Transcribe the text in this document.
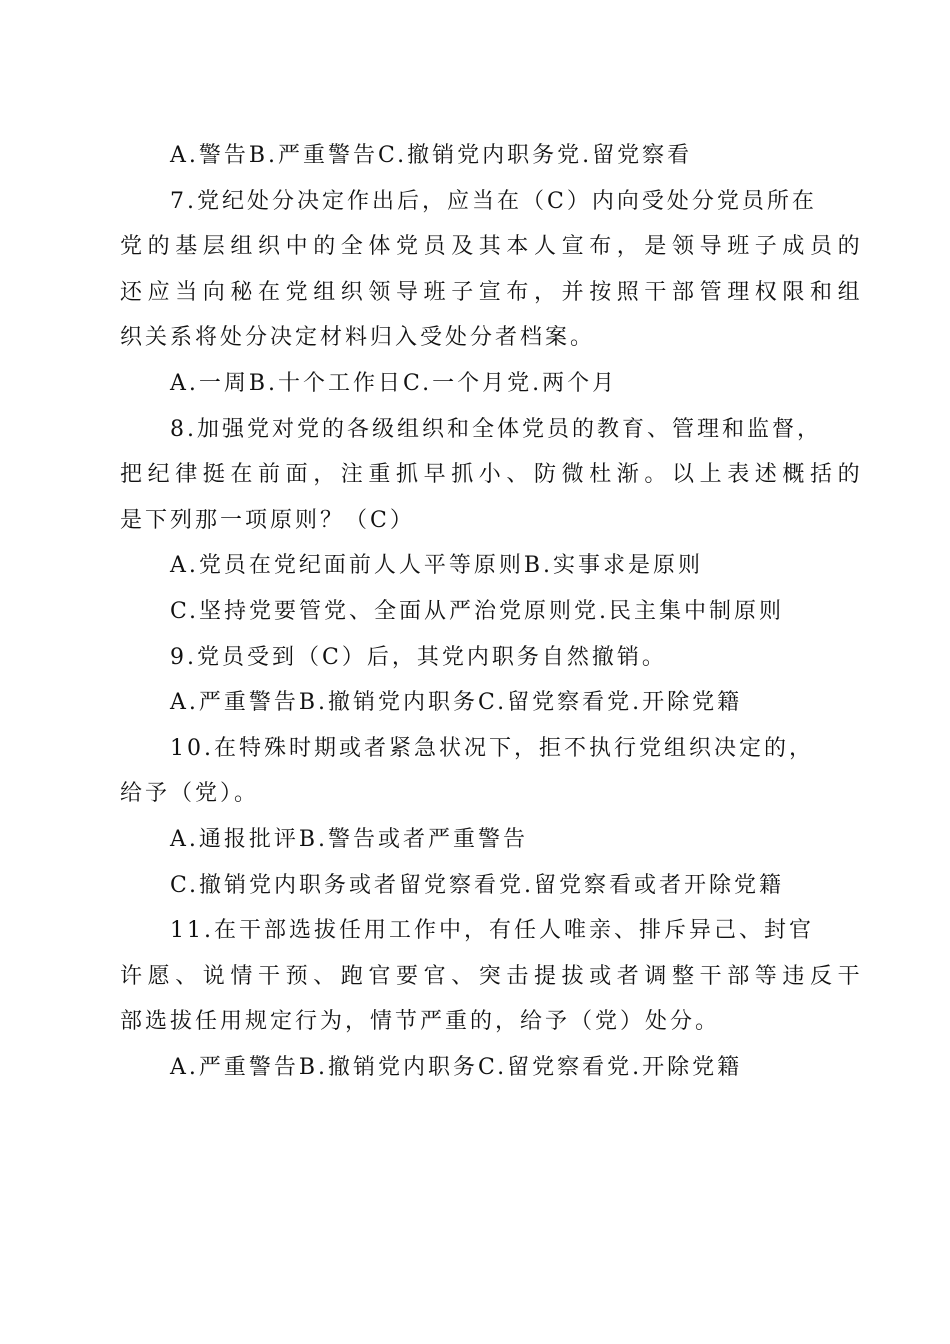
A.警告B.严重警告C.撤销党内职务党.留党察看
7.党纪处分决定作出后，应当在（C）内向受处分党员所在
党的基层组织中的全体党员及其本人宣布，是领导班子成员的
还应当向秘在党组织领导班子宣布，并按照干部管理权限和组
织关系将处分决定材料归入受处分者档案。
A.一周B.十个工作日C.一个月党.两个月
8.加强党对党的各级组织和全体党员的教育、管理和监督，
把纪律挺在前面，注重抓早抓小、防微杜渐。以上表述概括的
是下列那一项原则？（C）
A.党员在党纪面前人人平等原则B.实事求是原则
C.坚持党要管党、全面从严治党原则党.民主集中制原则
9.党员受到（C）后，其党内职务自然撤销。
A.严重警告B.撤销党内职务C.留党察看党.开除党籍
10.在特殊时期或者紧急状况下，拒不执行党组织决定的，
给予（党）。
A.通报批评B.警告或者严重警告
C.撤销党内职务或者留党察看党.留党察看或者开除党籍
11.在干部选拔任用工作中，有任人唯亲、排斥异己、封官
许愿、说情干预、跑官要官、突击提拔或者调整干部等违反干
部选拔任用规定行为，情节严重的，给予（党）处分。
A.严重警告B.撤销党内职务C.留党察看党.开除党籍
